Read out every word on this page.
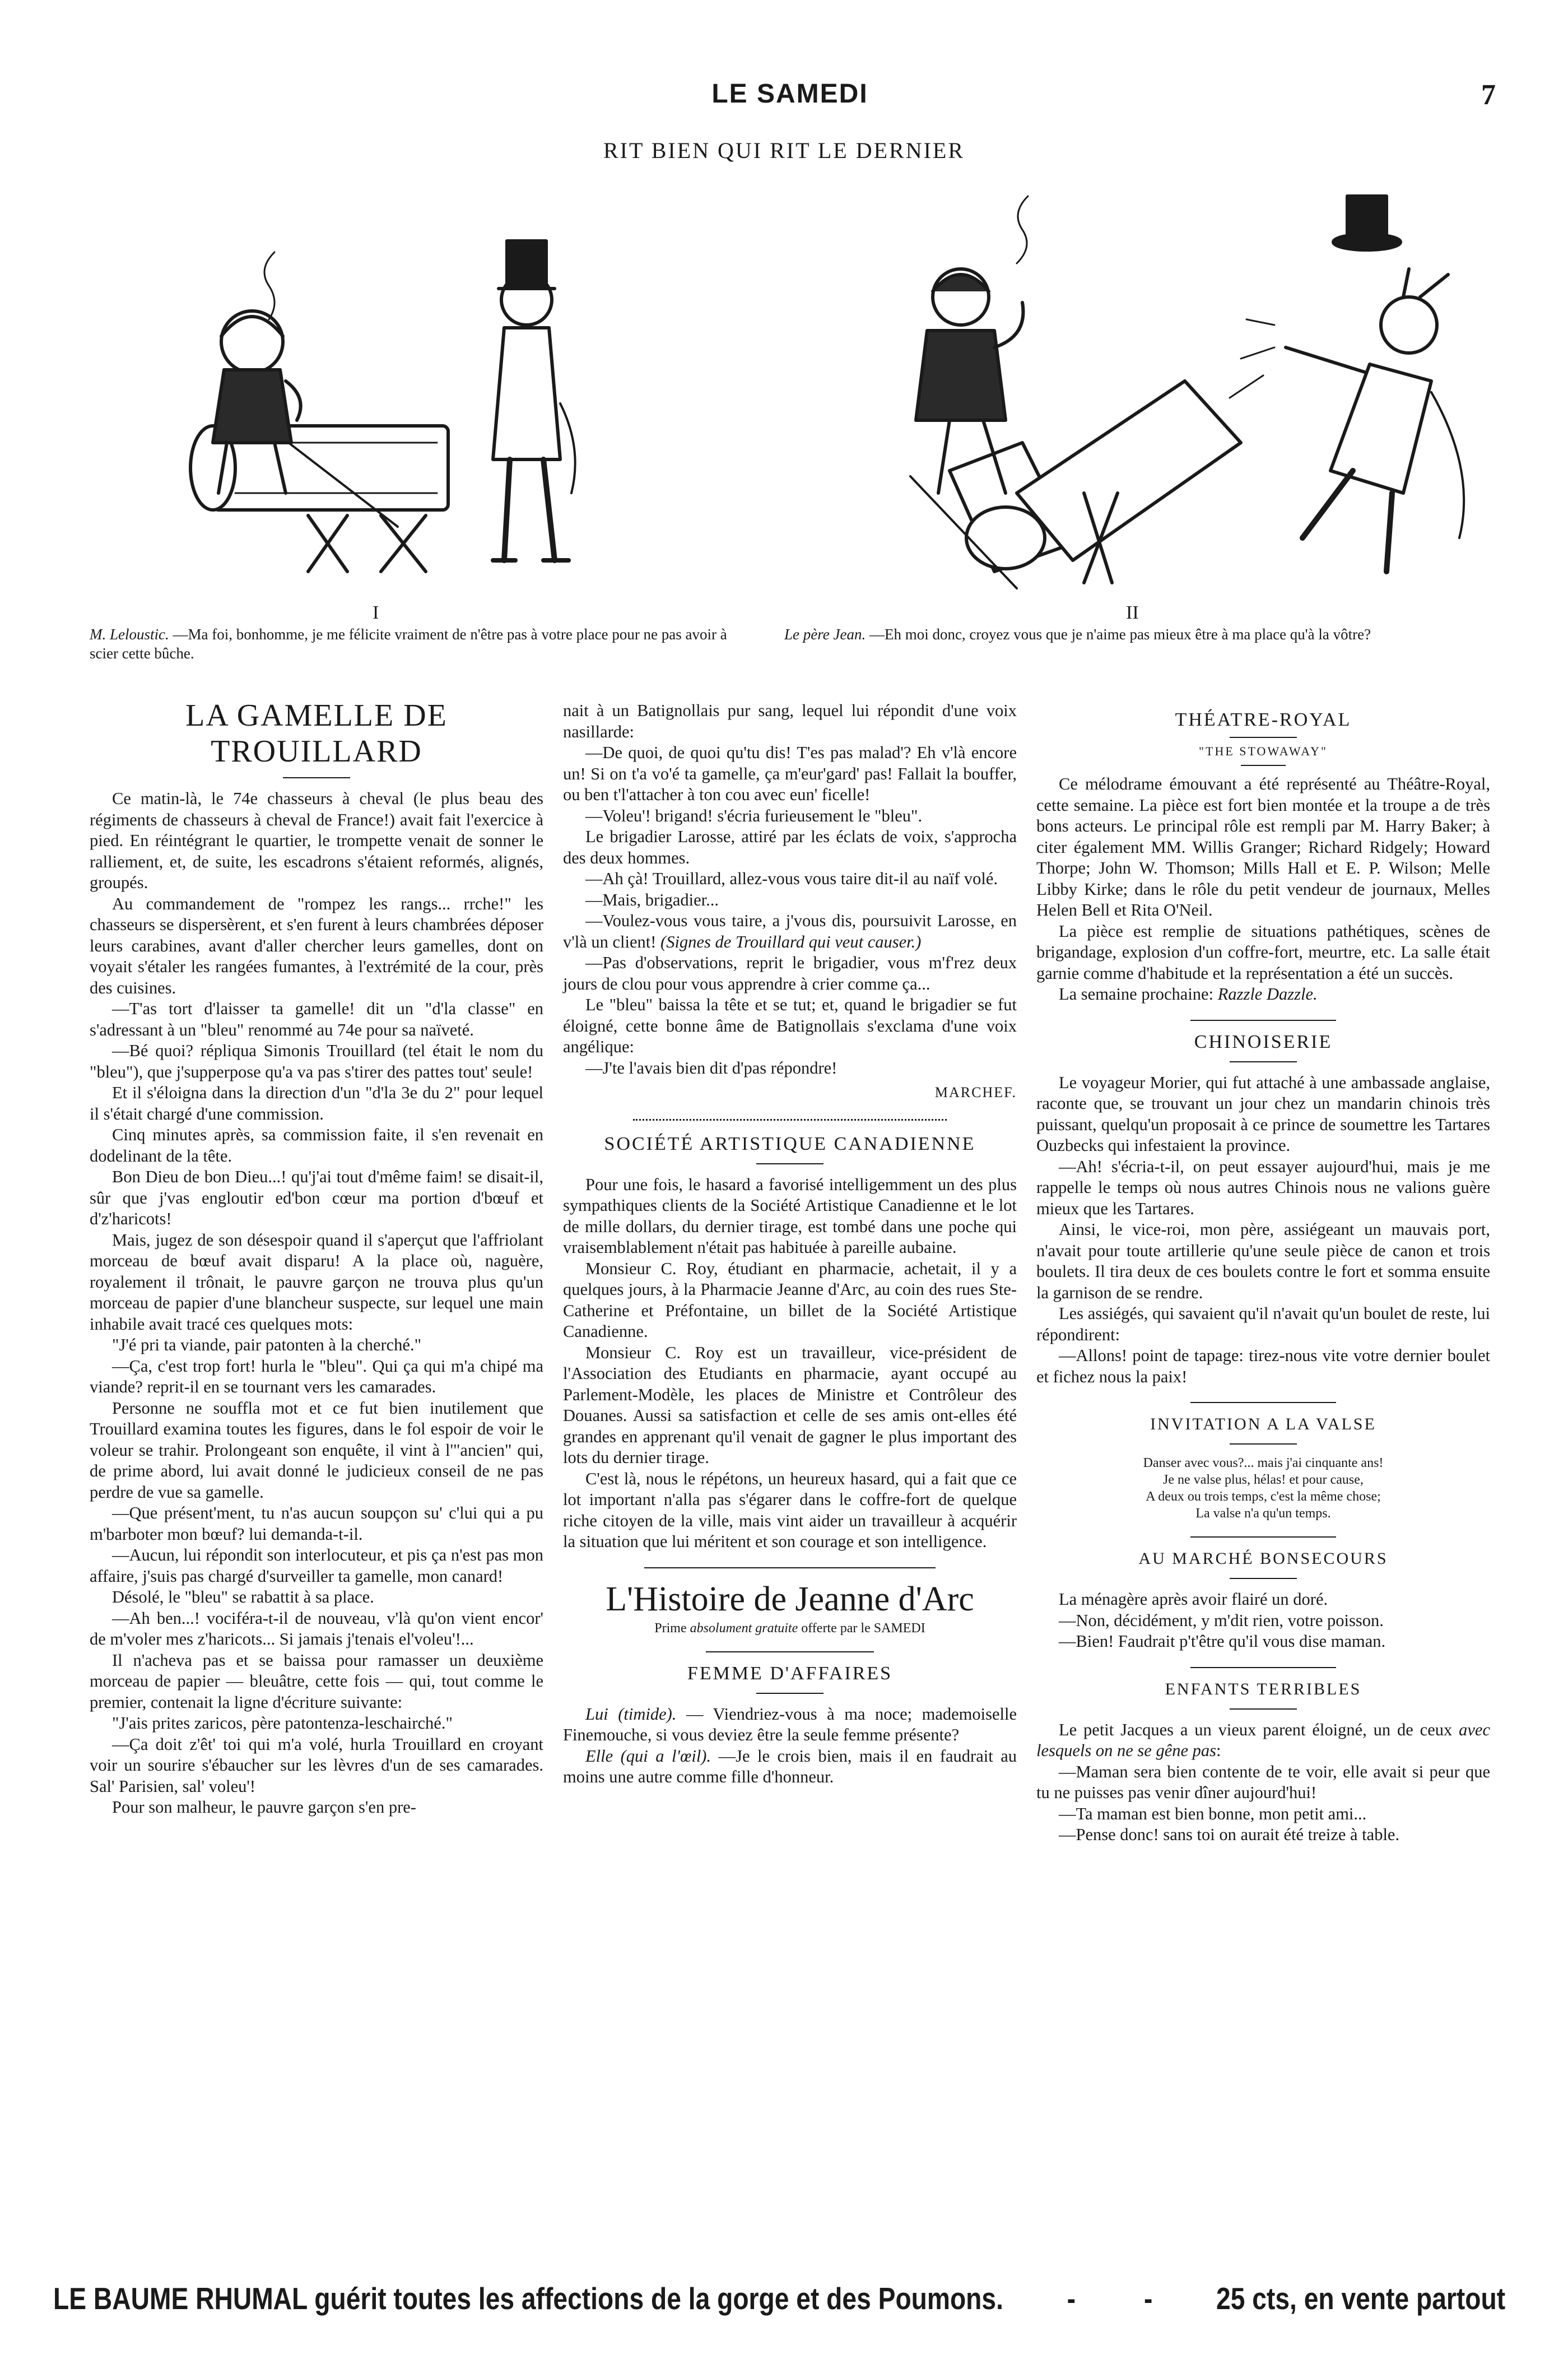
LE SAMEDI	7
RIT BIEN QUI RIT LE DERNIER
I
M. Leloustic. —Ma foi, bonhomme, je me félicite vraiment de n'être pas à votre place pour ne pas avoir à scier cette bûche.
II
Le père Jean. —Eh moi donc, croyez vous que je n'aime pas mieux être à ma place qu'à la vôtre?
LA GAMELLE DE TROUILLARD

Ce matin-là, le 74e chasseurs à cheval (le plus beau des régiments de chasseurs à cheval de France!) avait fait l'exercice à pied. En réintégrant le quartier, le trompette venait de sonner le ralliement, et, de suite, les escadrons s'étaient reformés, alignés, groupés.

Au commandement de "rompez les rangs... rrche!" les chasseurs se dispersèrent, et s'en furent à leurs chambrées déposer leurs carabines, avant d'aller chercher leurs gamelles, dont on voyait s'étaler les rangées fumantes, à l'extrémité de la cour, près des cuisines.

—T'as tort d'laisser ta gamelle! dit un "d'la classe" en s'adressant à un "bleu" renommé au 74e pour sa naïveté.

—Bé quoi? répliqua Simonis Trouillard (tel était le nom du "bleu"), que j'supperpose qu'a va pas s'tirer des pattes tout' seule!

Et il s'éloigna dans la direction d'un "d'la 3e du 2" pour lequel il s'était chargé d'une commission.

Cinq minutes après, sa commission faite, il s'en revenait en dodelinant de la tête.

Bon Dieu de bon Dieu...! qu'j'ai tout d'même faim! se disait-il, sûr que j'vas engloutir ed'bon cœur ma portion d'bœuf et d'z'haricots!

Mais, jugez de son désespoir quand il s'aperçut que l'affriolant morceau de bœuf avait disparu! A la place où, naguère, royalement il trônait, le pauvre garçon ne trouva plus qu'un morceau de papier d'une blancheur suspecte, sur lequel une main inhabile avait tracé ces quelques mots:

"J'é pri ta viande, pair patonten à la cherché."

—Ça, c'est trop fort! hurla le "bleu". Qui ça qui m'a chipé ma viande? reprit-il en se tournant vers les camarades.

Personne ne souffla mot et ce fut bien inutilement que Trouillard examina toutes les figures, dans le fol espoir de voir le voleur se trahir. Prolongeant son enquête, il vint à l'"ancien" qui, de prime abord, lui avait donné le judicieux conseil de ne pas perdre de vue sa gamelle.

—Que présent'ment, tu n'as aucun soupçon su' c'lui qui a pu m'barboter mon bœuf? lui demanda-t-il.

—Aucun, lui répondit son interlocuteur, et pis ça n'est pas mon affaire, j'suis pas chargé d'surveiller ta gamelle, mon canard!

Désolé, le "bleu" se rabattit à sa place.

—Ah ben...! vociféra-t-il de nouveau, v'là qu'on vient encor' de m'voler mes z'haricots... Si jamais j'tenais el'voleu'!...

Il n'acheva pas et se baissa pour ramasser un deuxième morceau de papier — bleuâtre, cette fois — qui, tout comme le premier, contenait la ligne d'écriture suivante:

"J'ais prites zaricos, père patontenza-leschairché."

—Ça doit z'êt' toi qui m'a volé, hurla Trouillard en croyant voir un sourire s'ébaucher sur les lèvres d'un de ses camarades. Sal' Parisien, sal' voleu'!

Pour son malheur, le pauvre garçon s'en pre-

nait à un Batignollais pur sang, lequel lui répondit d'une voix nasillarde:

—De quoi, de quoi qu'tu dis! T'es pas malad'? Eh v'là encore un! Si on t'a vo'é ta gamelle, ça m'eur'gard' pas! Fallait la bouffer, ou ben t'l'attacher à ton cou avec eun' ficelle!

—Voleu'! brigand! s'écria furieusement le "bleu".

Le brigadier Larosse, attiré par les éclats de voix, s'approcha des deux hommes.

—Ah çà! Trouillard, allez-vous vous taire dit-il au naïf volé.

—Mais, brigadier...

—Voulez-vous vous taire, a j'vous dis, poursuivit Larosse, en v'là un client! (Signes de Trouillard qui veut causer.)

—Pas d'observations, reprit le brigadier, vous m'f'rez deux jours de clou pour vous apprendre à crier comme ça...

Le "bleu" baissa la tête et se tut; et, quand le brigadier se fut éloigné, cette bonne âme de Batignollais s'exclama d'une voix angélique:

—J'te l'avais bien dit d'pas répondre!

MARCHEF.
SOCIÉTÉ ARTISTIQUE CANADIENNE

Pour une fois, le hasard a favorisé intelligemment un des plus sympathiques clients de la Société Artistique Canadienne et le lot de mille dollars, du dernier tirage, est tombé dans une poche qui vraisemblablement n'était pas habituée à pareille aubaine.

Monsieur C. Roy, étudiant en pharmacie, achetait, il y a quelques jours, à la Pharmacie Jeanne d'Arc, au coin des rues Ste-Catherine et Préfontaine, un billet de la Société Artistique Canadienne.

Monsieur C. Roy est un travailleur, vice-président de l'Association des Etudiants en pharmacie, ayant occupé au Parlement-Modèle, les places de Ministre et Contrôleur des Douanes. Aussi sa satisfaction et celle de ses amis ont-elles été grandes en apprenant qu'il venait de gagner le plus important des lots du dernier tirage.

C'est là, nous le répétons, un heureux hasard, qui a fait que ce lot important n'alla pas s'égarer dans le coffre-fort de quelque riche citoyen de la ville, mais vint aider un travailleur à acquérir la situation que lui méritent et son courage et son intelligence.

L'Histoire de Jeanne d'Arc
Prime absolument gratuite offerte par le SAMEDI
FEMME D'AFFAIRES

Lui (timide). — Viendriez-vous à ma noce; mademoiselle Finemouche, si vous deviez être la seule femme présente?

Elle (qui a l'œil). —Je le crois bien, mais il en faudrait au moins une autre comme fille d'honneur.

THÉATRE-ROYAL
"THE STOWAWAY"

Ce mélodrame émouvant a été représenté au Théâtre-Royal, cette semaine. La pièce est fort bien montée et la troupe a de très bons acteurs. Le principal rôle est rempli par M. Harry Baker; à citer également MM. Willis Granger; Richard Ridgely; Howard Thorpe; John W. Thomson; Mills Hall et E. P. Wilson; Melle Libby Kirke; dans le rôle du petit vendeur de journaux, Melles Helen Bell et Rita O'Neil.

La pièce est remplie de situations pathétiques, scènes de brigandage, explosion d'un coffre-fort, meurtre, etc. La salle était garnie comme d'habitude et la représentation a été un succès.

La semaine prochaine: Razzle Dazzle.

CHINOISERIE

Le voyageur Morier, qui fut attaché à une ambassade anglaise, raconte que, se trouvant un jour chez un mandarin chinois très puissant, quelqu'un proposait à ce prince de soumettre les Tartares Ouzbecks qui infestaient la province.

—Ah! s'écria-t-il, on peut essayer aujourd'hui, mais je me rappelle le temps où nous autres Chinois nous ne valions guère mieux que les Tartares.

Ainsi, le vice-roi, mon père, assiégeant un mauvais port, n'avait pour toute artillerie qu'une seule pièce de canon et trois boulets. Il tira deux de ces boulets contre le fort et somma ensuite la garnison de se rendre.

Les assiégés, qui savaient qu'il n'avait qu'un boulet de reste, lui répondirent:

—Allons! point de tapage: tirez-nous vite votre dernier boulet et fichez nous la paix!

INVITATION A LA VALSE

Danser avec vous?... mais j'ai cinquante ans!

Je ne valse plus, hélas! et pour cause,

A deux ou trois temps, c'est la même chose;

La valse n'a qu'un temps.

AU MARCHÉ BONSECOURS

La ménagère après avoir flairé un doré.

—Non, décidément, y m'dit rien, votre poisson.

—Bien! Faudrait p't'être qu'il vous dise maman.

ENFANTS TERRIBLES

Le petit Jacques a un vieux parent éloigné, un de ceux avec lesquels on ne se gêne pas:

—Maman sera bien contente de te voir, elle avait si peur que tu ne puisses pas venir dîner aujourd'hui!

—Ta maman est bien bonne, mon petit ami...

—Pense donc! sans toi on aurait été treize à table.

LE BAUME RHUMAL guérit toutes les affections de la gorge et des Poumons. - - 25 cts, en vente partout
